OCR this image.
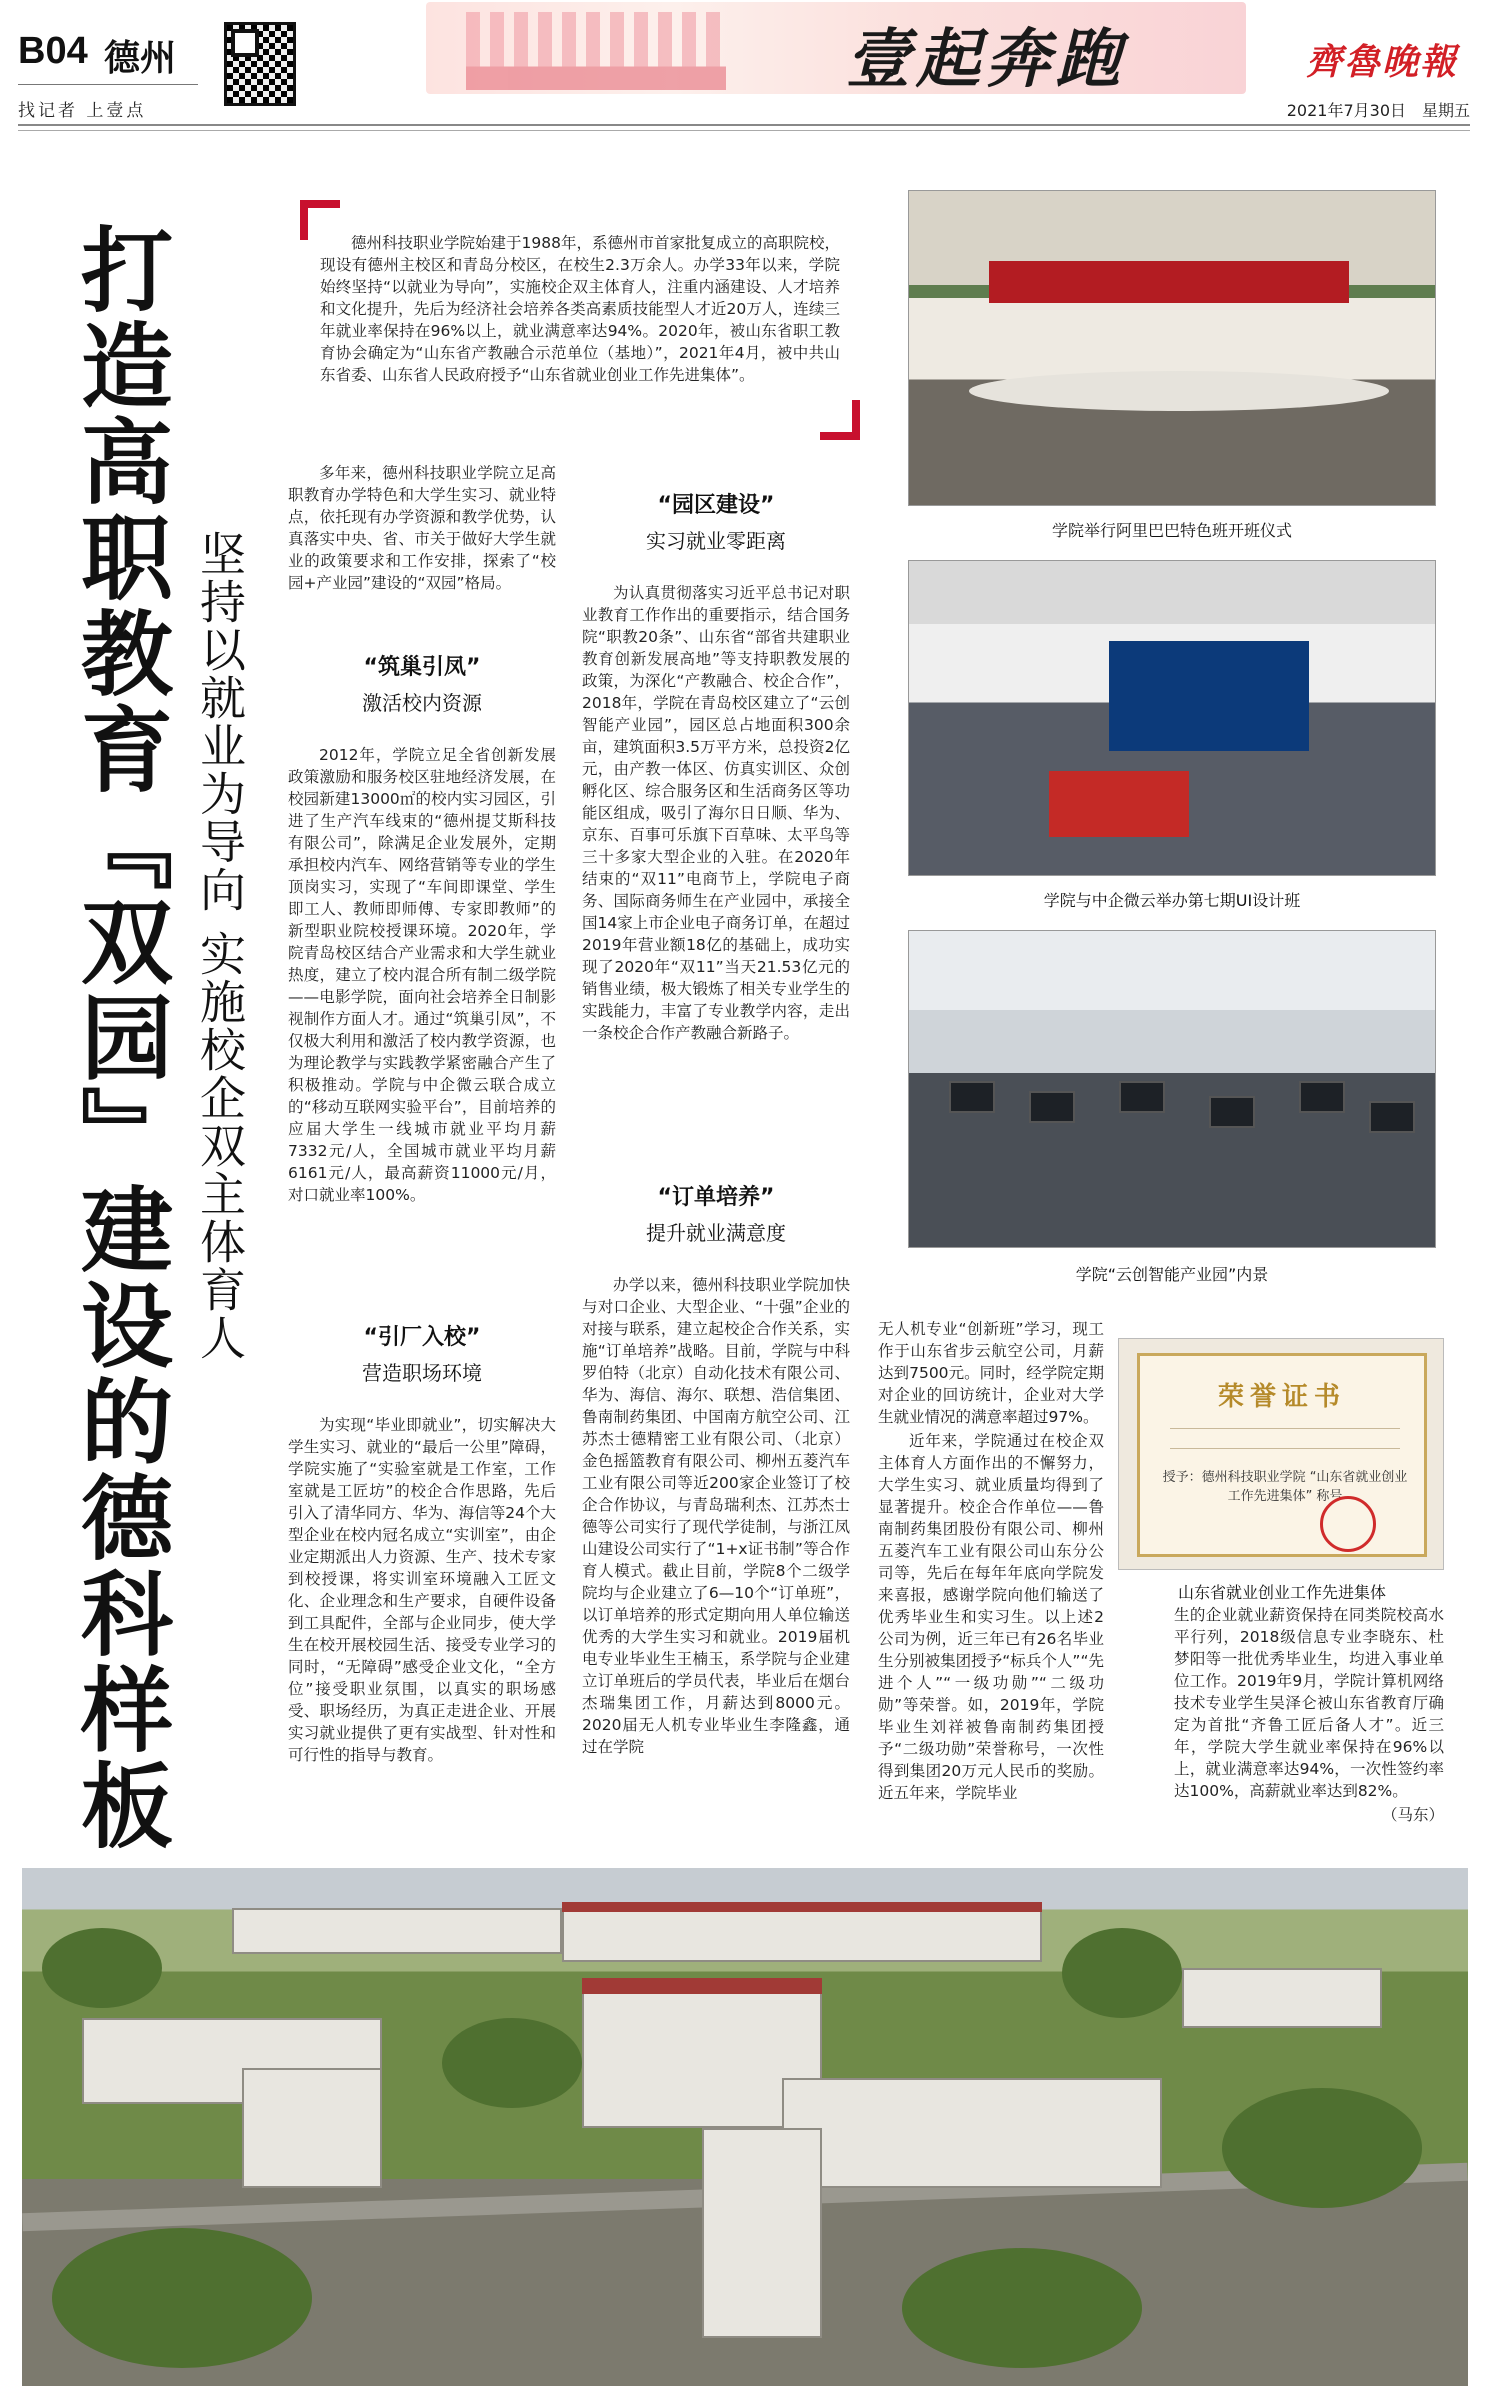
B04 德州
找记者 上壹点
壹起奔跑	齊魯晚報
2021年7月30日　星期五
打造高职教育『双园』建设的德科样板 坚持以就业为导向
实施校企双主体育人
德州科技职业学院始建于1988年，系德州市首家批复成立的高职院校，现设有德州主校区和青岛分校区，在校生2.3万余人。办学33年以来，学院始终坚持“以就业为导向”，实施校企双主体育人，注重内涵建设、人才培养和文化提升，先后为经济社会培养各类高素质技能型人才近20万人，连续三年就业率保持在96%以上，就业满意率达94%。2020年，被山东省职工教育协会确定为“山东省产教融合示范单位（基地）”，2021年4月，被中共山东省委、山东省人民政府授予“山东省就业创业工作先进集体”。

多年来，德州科技职业学院立足高职教育办学特色和大学生实习、就业特点，依托现有办学资源和教学优势，认真落实中央、省、市关于做好大学生就业的政策要求和工作安排，探索了“校园+产业园”建设的“双园”格局。

“筑巢引凤”
激活校内资源

2012年，学院立足全省创新发展政策激励和服务校区驻地经济发展，在校园新建13000㎡的校内实习园区，引进了生产汽车线束的“德州提艾斯科技有限公司”，除满足企业发展外，定期承担校内汽车、网络营销等专业的学生顶岗实习，实现了“车间即课堂、学生即工人、教师即师傅、专家即教师”的新型职业院校授课环境。2020年，学院青岛校区结合产业需求和大学生就业热度，建立了校内混合所有制二级学院——电影学院，面向社会培养全日制影视制作方面人才。通过“筑巢引凤”，不仅极大利用和激活了校内教学资源，也为理论教学与实践教学紧密融合产生了积极推动。学院与中企微云联合成立的“移动互联网实验平台”，目前培养的应届大学生一线城市就业平均月薪7332元/人，全国城市就业平均月薪6161元/人，最高薪资11000元/月，对口就业率100%。

“引厂入校”
营造职场环境

为实现“毕业即就业”，切实解决大学生实习、就业的“最后一公里”障碍，学院实施了“实验室就是工作室，工作室就是工匠坊”的校企合作思路，先后引入了清华同方、华为、海信等24个大型企业在校内冠名成立“实训室”，由企业定期派出人力资源、生产、技术专家到校授课，将实训室环境融入工匠文化、企业理念和生产要求，自硬件设备到工具配件，全部与企业同步，使大学生在校开展校园生活、接受专业学习的同时，“无障碍”感受企业文化，“全方位”接受职业氛围，以真实的职场感受、职场经历，为真正走进企业、开展实习就业提供了更有实战型、针对性和可行性的指导与教育。

“园区建设”
实习就业零距离

为认真贯彻落实习近平总书记对职业教育工作作出的重要指示，结合国务院“职教20条”、山东省“部省共建职业教育创新发展高地”等支持职教发展的政策，为深化“产教融合、校企合作”，2018年，学院在青岛校区建立了“云创智能产业园”，园区总占地面积300余亩，建筑面积3.5万平方米，总投资2亿元，由产教一体区、仿真实训区、众创孵化区、综合服务区和生活商务区等功能区组成，吸引了海尔日日顺、华为、京东、百事可乐旗下百草味、太平鸟等三十多家大型企业的入驻。在2020年结束的“双11”电商节上，学院电子商务、国际商务师生在产业园中，承接全国14家上市企业电子商务订单，在超过2019年营业额18亿的基础上，成功实现了2020年“双11”当天21.53亿元的销售业绩，极大锻炼了相关专业学生的实践能力，丰富了专业教学内容，走出一条校企合作产教融合新路子。

“订单培养”
提升就业满意度

办学以来，德州科技职业学院加快与对口企业、大型企业、“十强”企业的对接与联系，建立起校企合作关系，实施“订单培养”战略。目前，学院与中科罗伯特（北京）自动化技术有限公司、华为、海信、海尔、联想、浩信集团、鲁南制药集团、中国南方航空公司、江苏杰士德精密工业有限公司、（北京）金色摇篮教育有限公司、柳州五菱汽车工业有限公司等近200家企业签订了校企合作协议，与青岛瑞利杰、江苏杰士德等公司实行了现代学徒制，与浙江凤山建设公司实行了“1+x证书制”等合作育人模式。截止目前，学院8个二级学院均与企业建立了6—10个“订单班”，以订单培养的形式定期向用人单位输送优秀的大学生实习和就业。2019届机电专业毕业生王楠玉，系学院与企业建立订单班后的学员代表，毕业后在烟台杰瑞集团工作，月薪达到8000元。2020届无人机专业毕业生李隆鑫，通过在学院

无人机专业“创新班”学习，现工作于山东省步云航空公司，月薪达到7500元。同时，经学院定期对企业的回访统计，企业对大学生就业情况的满意率超过97%。

近年来，学院通过在校企双主体育人方面作出的不懈努力，大学生实习、就业质量均得到了显著提升。校企合作单位——鲁南制药集团股份有限公司、柳州五菱汽车工业有限公司山东分公司等，先后在每年年底向学院发来喜报，感谢学院向他们输送了优秀毕业生和实习生。以上述2公司为例，近三年已有26名毕业生分别被集团授予“标兵个人”“先进个人”“一级功勋”“二级功勋”等荣誉。如，2019年，学院毕业生刘祥被鲁南制药集团授予“二级功勋”荣誉称号，一次性得到集团20万元人民币的奖励。近五年来，学院毕业

生的企业就业薪资保持在同类院校高水平行列，2018级信息专业李晓东、杜梦阳等一批优秀毕业生，均进入事业单位工作。2019年9月，学院计算机网络技术专业学生吴泽仑被山东省教育厅确定为首批“齐鲁工匠后备人才”。近三年，学院大学生就业率保持在96%以上，就业满意率达94%，一次性签约率达100%，高薪就业率达到82%。

（马东）

学院举行阿里巴巴特色班开班仪式
学院与中企微云举办第七期UI设计班
学院“云创智能产业园”内景
荣誉证书
授予：德州科技职业学院 “山东省就业创业工作先进集体” 称号
山东省就业创业工作先进集体
